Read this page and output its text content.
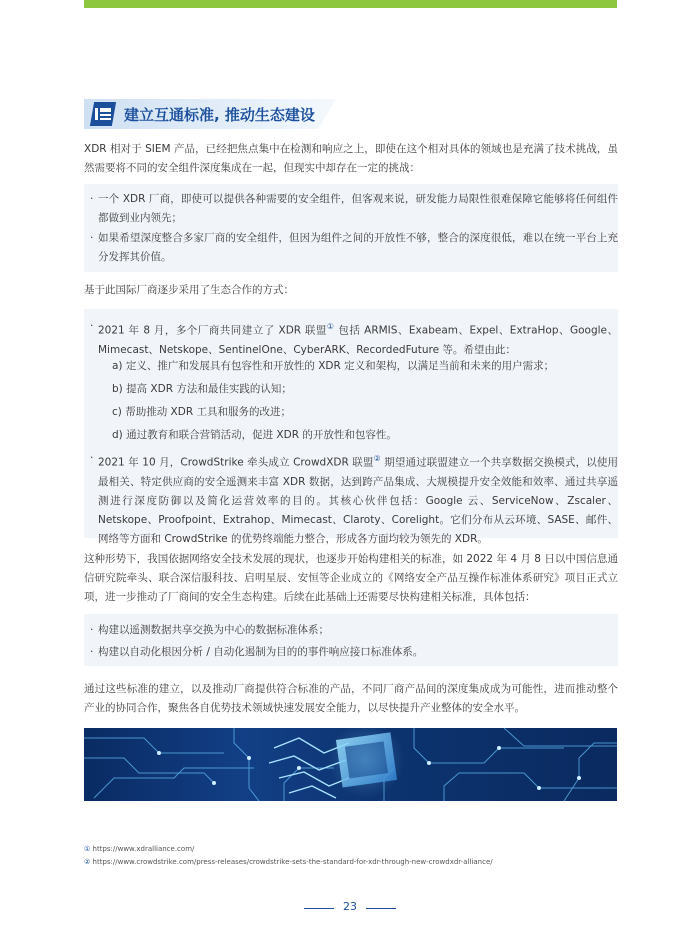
建立互通标准, 推动生态建设
XDR 相对于 SIEM 产品，已经把焦点集中在检测和响应之上，即使在这个相对具体的领域也是充满了技术挑战，虽然需要将不同的安全组件深度集成在一起，但现实中却存在一定的挑战：
· 一个 XDR 厂商，即使可以提供各种需要的安全组件，但客观来说，研发能力局限性很难保障它能够将任何组件都做到业内领先；
· 如果希望深度整合多家厂商的安全组件，但因为组件之间的开放性不够，整合的深度很低，难以在统一平台上充分发挥其价值。
基于此国际厂商逐步采用了生态合作的方式：
· 2021 年 8 月，多个厂商共同建立了 XDR 联盟① 包括 ARMIS、Exabeam、Expel、ExtraHop、Google、Mimecast、Netskope、SentinelOne、CyberARK、RecordedFuture 等。希望由此：
a) 定义、推广和发展具有包容性和开放性的 XDR 定义和架构，以满足当前和未来的用户需求；
b) 提高 XDR 方法和最佳实践的认知；
c) 帮助推动 XDR 工具和服务的改进；
d) 通过教育和联合营销活动，促进 XDR 的开放性和包容性。
· 2021 年 10 月，CrowdStrike 牵头成立 CrowdXDR 联盟② 期望通过联盟建立一个共享数据交换模式，以使用最相关、特定供应商的安全遥测来丰富 XDR 数据，达到跨产品集成、大规模提升安全效能和效率、通过共享遥测进行深度防御以及简化运营效率的目的。其核心伙伴包括：Google 云、ServiceNow、Zscaler、Netskope、Proofpoint、Extrahop、Mimecast、Claroty、Corelight。它们分布从云环境、SASE、邮件、网络等方面和 CrowdStrike 的优势终端能力整合，形成各方面均较为领先的 XDR。
这种形势下，我国依据网络安全技术发展的现状，也逐步开始构建相关的标准，如 2022 年 4 月 8 日以中国信息通信研究院牵头、联合深信服科技、启明星辰、安恒等企业成立的《网络安全产品互操作标准体系研究》项目正式立项，进一步推动了厂商间的安全生态构建。后续在此基础上还需要尽快构建相关标准，具体包括：
· 构建以遥测数据共享交换为中心的数据标准体系；
· 构建以自动化根因分析 / 自动化遏制为目的的事件响应接口标准体系。
通过这些标准的建立，以及推动厂商提供符合标准的产品，不同厂商产品间的深度集成成为可能性，进而推动整个产业的协同合作，聚焦各自优势技术领域快速发展安全能力，以尽快提升产业整体的安全水平。
① https://www.xdralliance.com/
② https://www.crowdstrike.com/press-releases/crowdstrike-sets-the-standard-for-xdr-through-new-crowdxdr-alliance/
23
